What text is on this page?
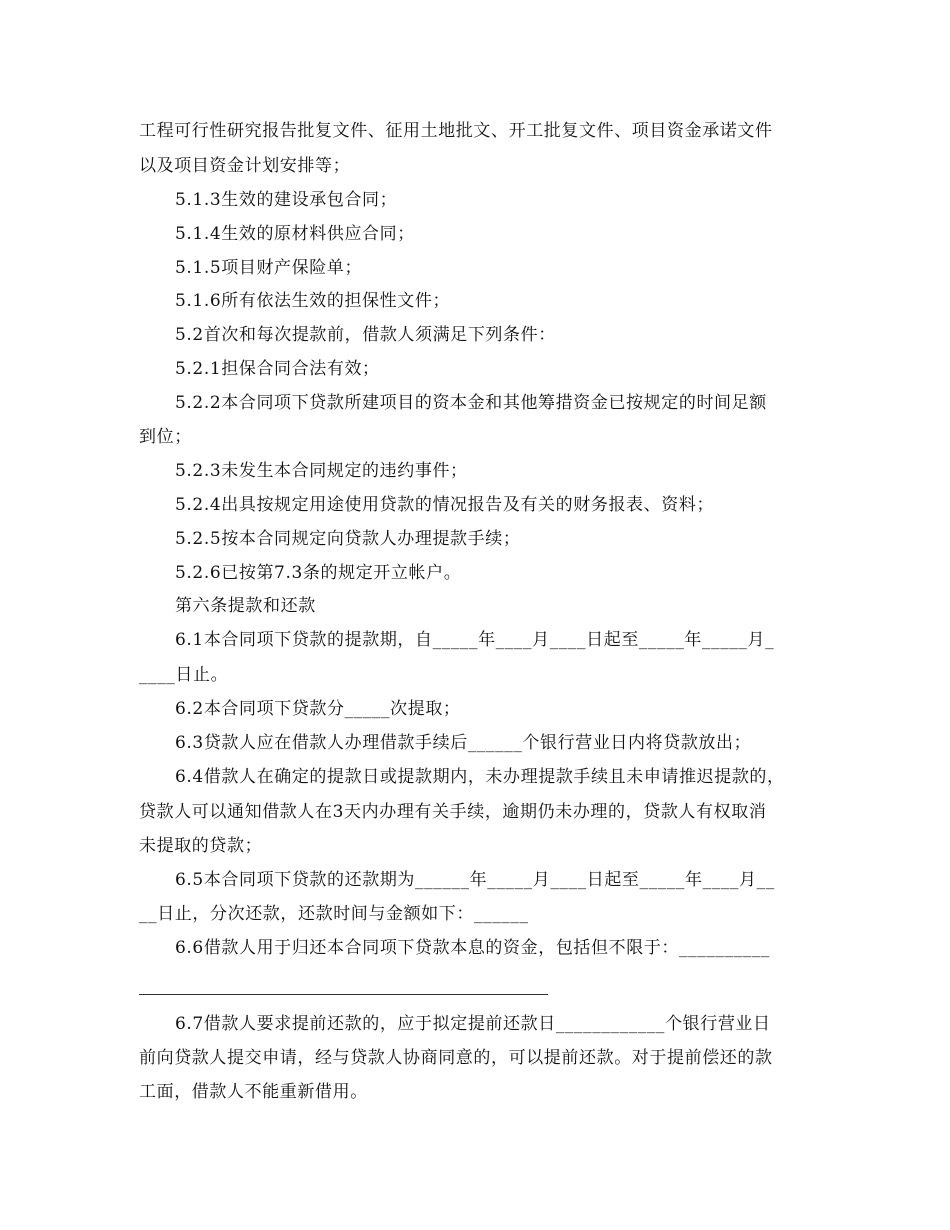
工程可行性研究报告批复文件、征用土地批文、开工批复文件、项目资金承诺文件
以及项目资金计划安排等；
5.1.3生效的建设承包合同；
5.1.4生效的原材料供应合同；
5.1.5项目财产保险单；
5.1.6所有依法生效的担保性文件；
5.2首次和每次提款前，借款人须满足下列条件：
5.2.1担保合同合法有效；
5.2.2本合同项下贷款所建项目的资本金和其他筹措资金已按规定的时间足额
到位；
5.2.3未发生本合同规定的违约事件；
5.2.4出具按规定用途使用贷款的情况报告及有关的财务报表、资料；
5.2.5按本合同规定向贷款人办理提款手续；
5.2.6已按第7.3条的规定开立帐户。
第六条提款和还款
6.1本合同项下贷款的提款期，自_____年____月____日起至_____年_____月_
____日止。
6.2本合同项下贷款分_____次提取；
6.3贷款人应在借款人办理借款手续后______个银行营业日内将贷款放出；
6.4借款人在确定的提款日或提款期内，未办理提款手续且未申请推迟提款的，
贷款人可以通知借款人在3天内办理有关手续，逾期仍未办理的，贷款人有权取消
未提取的贷款；
6.5本合同项下贷款的还款期为______年_____月____日起至_____年____月__
__日止，分次还款，还款时间与金额如下：______
6.6借款人用于归还本合同项下贷款本息的资金，包括但不限于：__________
6.7借款人要求提前还款的，应于拟定提前还款日____________个银行营业日
前向贷款人提交申请，经与贷款人协商同意的，可以提前还款。对于提前偿还的款
工面，借款人不能重新借用。
